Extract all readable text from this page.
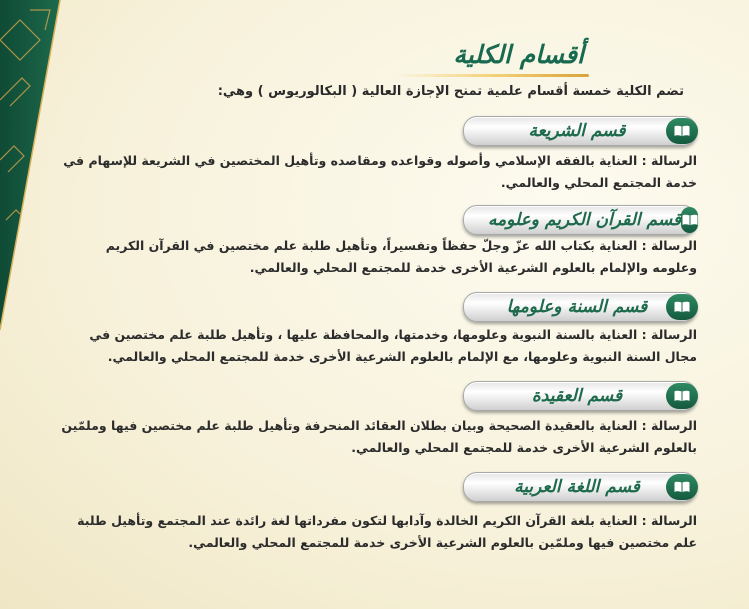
أقسام الكلية
تضم الكلية خمسة أقسام علمية تمنح الإجازة العالية ( البكالوريوس ) وهي:
قسم الشريعة
الرسالة : العناية بالفقه الإسلامي وأصوله وقواعده ومقاصده وتأهيل المختصين في الشريعة للإسهام في خدمة المجتمع المحلي والعالمي.
قسم القرآن الكريم وعلومه
الرسالة : العناية بكتاب الله عزّ وجلّ حفظاً وتفسيراً، وتأهيل طلبة علم مختصين في القرآن الكريم وعلومه والإلمام بالعلوم الشرعية الأخرى خدمة للمجتمع المحلي والعالمي.
قسم السنة وعلومها
الرسالة : العناية بالسنة النبوية وعلومها، وخدمتها، والمحافظة عليها ، وتأهيل طلبة علم مختصين في مجال السنة النبوية وعلومها، مع الإلمام بالعلوم الشرعية الأخرى خدمة للمجتمع المحلي والعالمي.
قسم العقيدة
الرسالة : العناية بالعقيدة الصحيحة وبيان بطلان العقائد المنحرفة وتأهيل طلبة علم مختصين فيها وملمّين بالعلوم الشرعية الأخرى خدمة للمجتمع المحلي والعالمي.
قسم اللغة العربية
الرسالة : العناية بلغة القرآن الكريم الخالدة وآدابها لتكون مفرداتها لغة رائدة عند المجتمع وتأهيل طلبة علم مختصين فيها وملمّين بالعلوم الشرعية الأخرى خدمة للمجتمع المحلي والعالمي.
